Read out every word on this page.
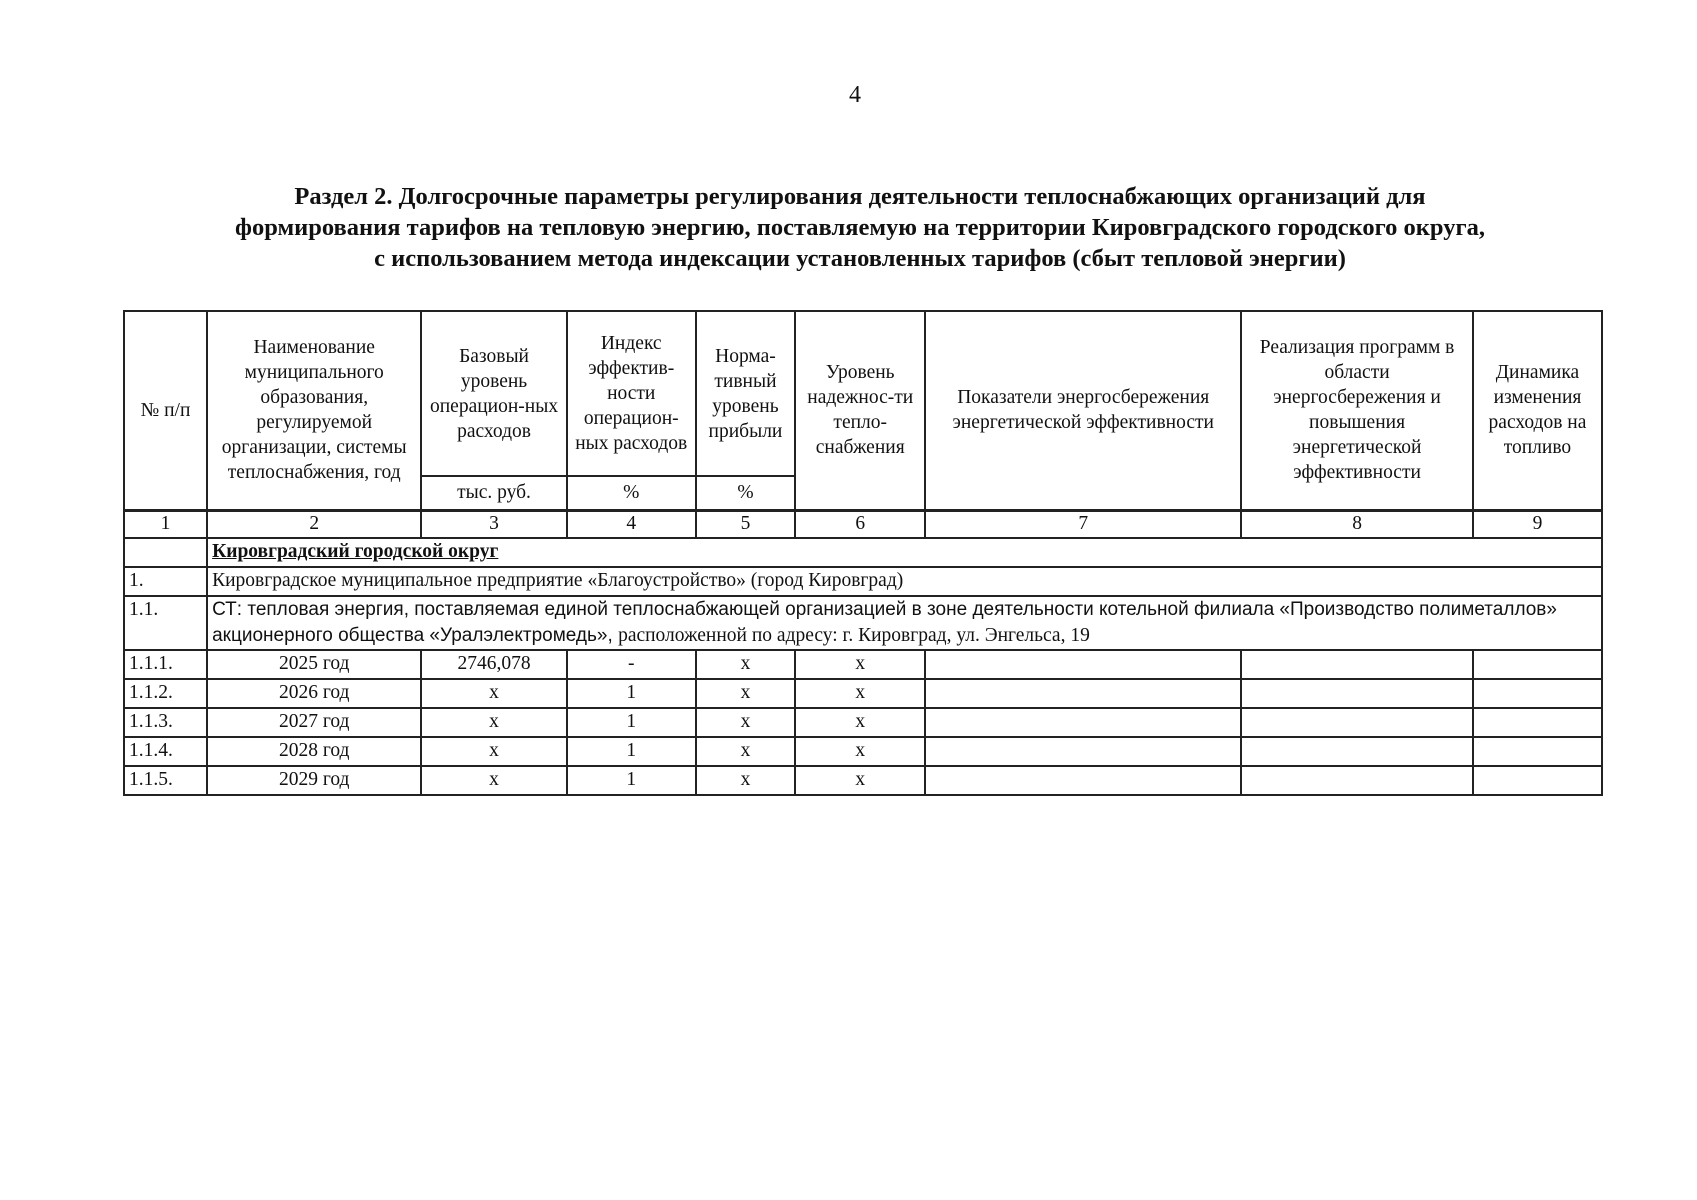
4
Раздел 2. Долгосрочные параметры регулирования деятельности теплоснабжающих организаций для
формирования тарифов на тепловую энергию, поставляемую на территории Кировградского городского округа,
с использованием метода индексации установленных тарифов (сбыт тепловой энергии)
№ п/п	Наименование муниципального образования, регулируемой организации, системы теплоснабжения, год	Базовый уровень операцион-ных расходов	Индекс эффектив-ности операцион-ных расходов	Норма-тивный уровень прибыли	Уровень надежнос-ти тепло-снабжения	Показатели энергосбережения энергетической эффективности	Реализация программ в области энергосбережения и повышения энергетической эффективности	Динамика изменения расходов на топливо
		тыс. руб.	%	%				
1	2	3	4	5	6	7	8	9
	Кировградский городской округ							
1.	Кировградское муниципальное предприятие «Благоустройство» (город Кировград)							
1.1.	СТ: тепловая энергия, поставляемая единой теплоснабжающей организацией в зоне деятельности котельной филиала «Производство полиметаллов» акционерного общества «Уралэлектромедь», расположенной по адресу: г. Кировград, ул. Энгельса, 19							
1.1.1.	2025 год	2746,078	-	х	х			
1.1.2.	2026 год	х	1	х	х			
1.1.3.	2027 год	х	1	х	х			
1.1.4.	2028 год	х	1	х	х			
1.1.5.	2029 год	х	1	х	х			
